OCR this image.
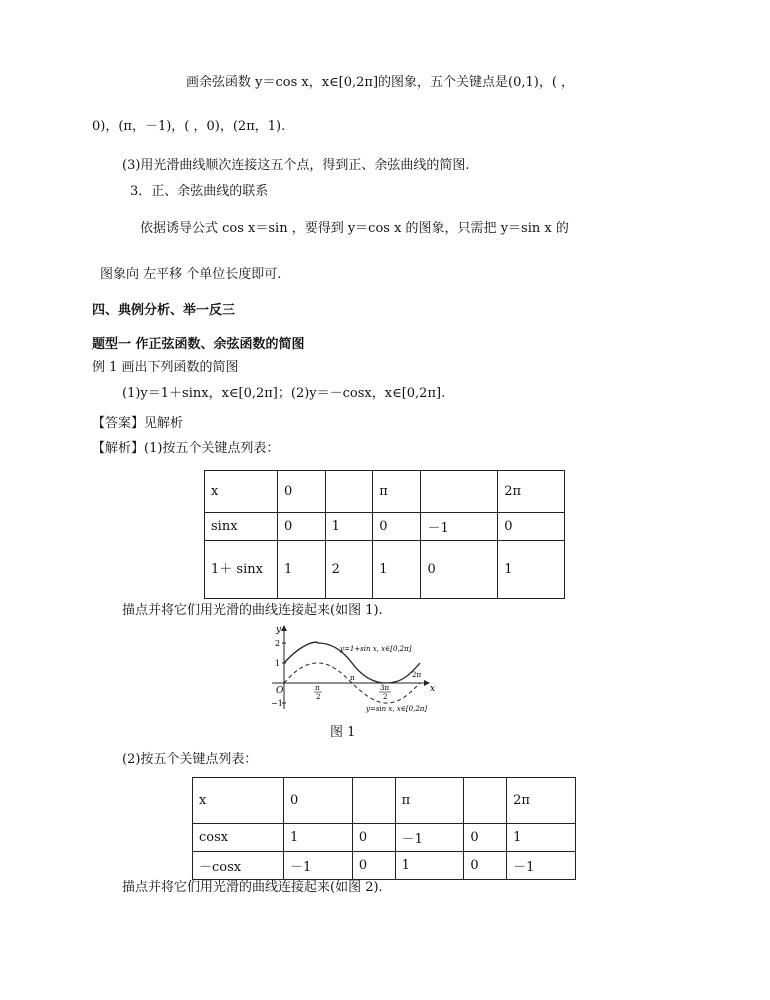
画余弦函数 y＝cos x，x∈[0,2π]的图象，五个关键点是(0,1)，( ，
0)，(π，－1)，( ，0)，(2π，1).
(3)用光滑曲线顺次连接这五个点，得到正、余弦曲线的简图.
3．正、余弦曲线的联系
依据诱导公式 cos x＝sin ，要得到 y＝cos x 的图象，只需把 y＝sin x 的
图象向 左平移 个单位长度即可.
四、典例分析、举一反三
题型一 作正弦函数、余弦函数的简图
例 1 画出下列函数的简图
(1)y＝1＋sinx，x∈[0,2π]；(2)y＝－cosx，x∈[0,2π].
【答案】见解析
【解析】(1)按五个关键点列表：
x	0		π		2π
sinx	0	1	0	－1	0
1＋ sinx	1	2	1	0	1
描点并将它们用光滑的曲线连接起来(如图 1).
y
x
2
1
−1
O	π
2
π
3π
2
2π
y=1+sin x, x∈[0,2π]
y=sin x, x∈[0,2π]
图 1
(2)按五个关键点列表：
x	0		π		2π
cosx	1	0	－1	0	1
－cosx	－1	0	1	0	－1
描点并将它们用光滑的曲线连接起来(如图 2).
